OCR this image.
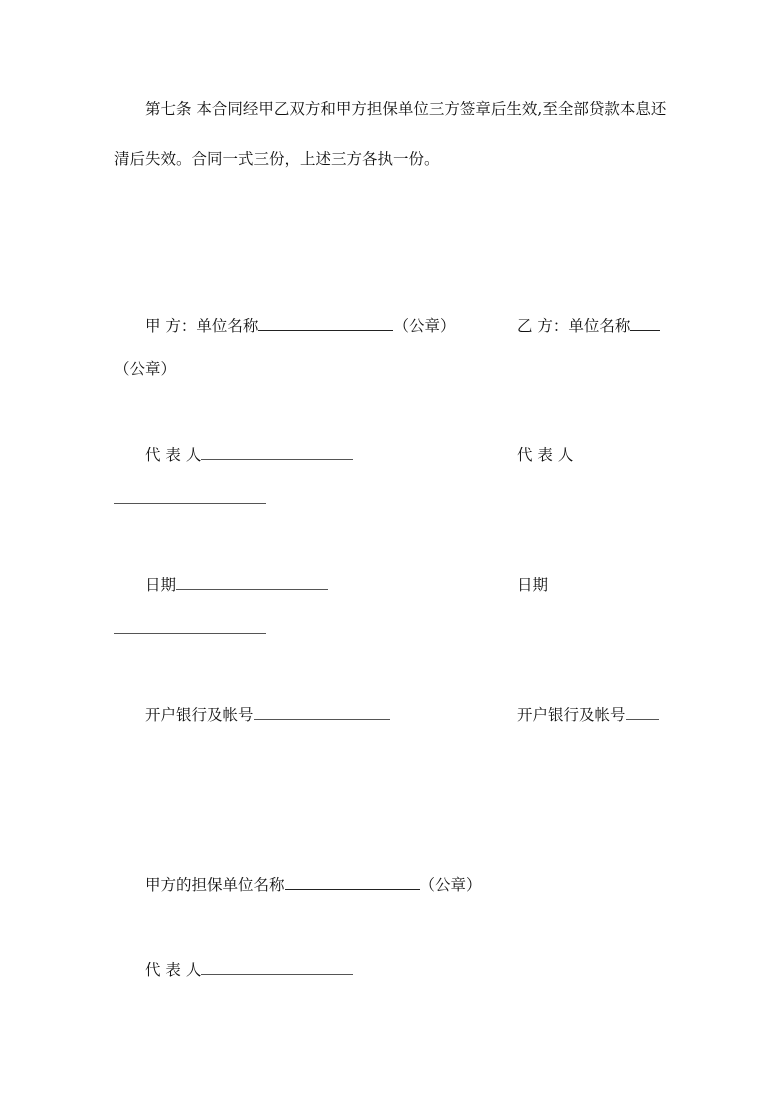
第七条 本合同经甲乙双方和甲方担保单位三方签章后生效,至全部贷款本息还
清后失效。合同一式三份，上述三方各执一份。
甲 方：单位名称	（公章）	乙 方：单位名称
（公章）
代 表 人	代 表 人
日期	日期
开户银行及帐号	开户银行及帐号
甲方的担保单位名称	（公章）
代 表 人
